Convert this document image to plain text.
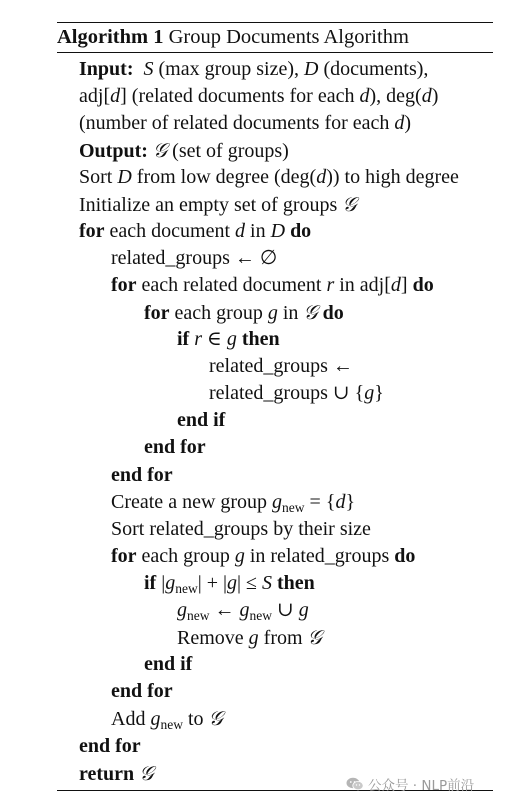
Algorithm 1 Group Documents Algorithm
Input: S (max group size), D (documents),
adj[d] (related documents for each d), deg(d)
(number of related documents for each d)
Output: 𝒢 (set of groups)
Sort D from low degree (deg(d)) to high degree
Initialize an empty set of groups 𝒢
for each document d in D do
related_groups ← ∅
for each related document r in adj[d] do
for each group g in 𝒢 do
if r ∈ g then
related_groups ←
related_groups ∪ {g}
end if
end for
end for
Create a new group $g_{new} = \{d\}$
Sort related_groups by their size
for each group g in related_groups do
if $|g_{new}| + |g| \le S$ then
$g_{new}$ ← $g_{new}$ ∪ g
Remove g from 𝒢
end if
end for
Add $g_{new}$ to 𝒢
end for
return 𝒢
公众号 · NLP前沿
